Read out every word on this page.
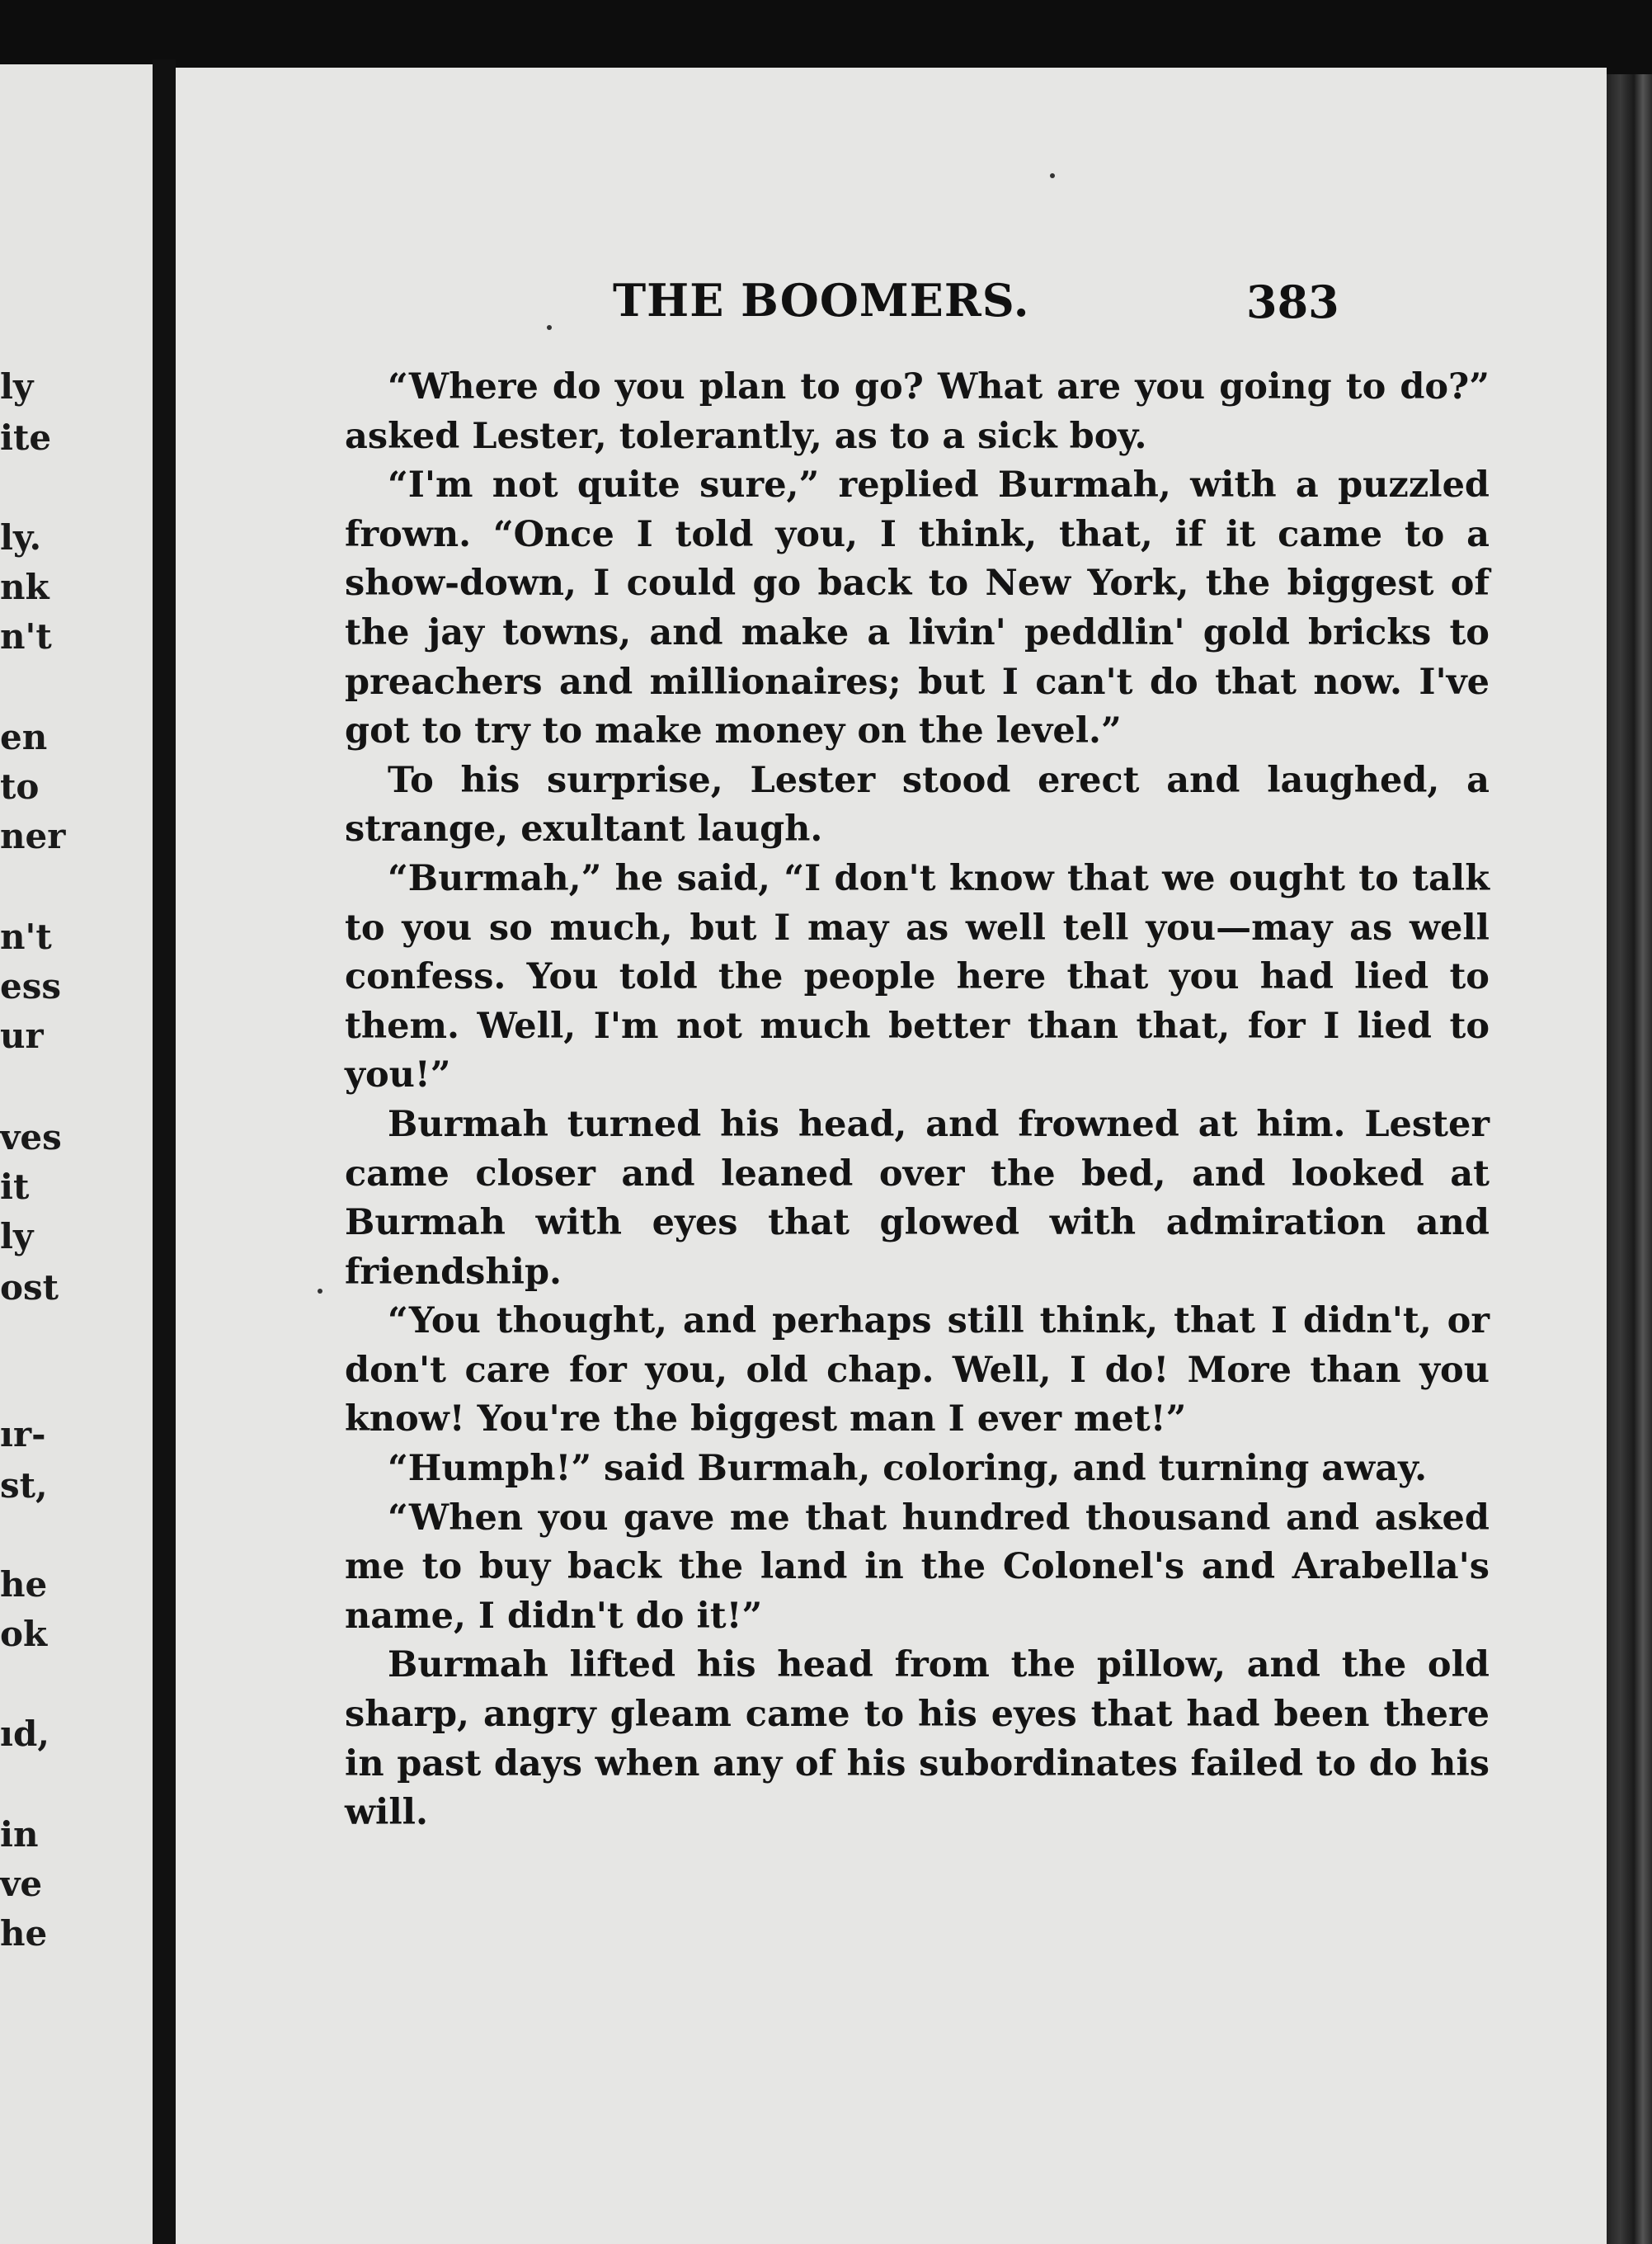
ly
ite
ly.
nk
n't
en
to
ner
n't
ess
ur
ves
it
ly
ost
ır-
st,
he
ok
ıd,
in
ve
he
THE BOOMERS.	383

“Where do you plan to go? What are you going to do?” asked Lester, tolerantly, as to a sick boy.

“I'm not quite sure,” replied Burmah, with a puzzled frown. “Once I told you, I think, that, if it came to a show-down, I could go back to New York, the biggest of the jay towns, and make a livin' peddlin' gold bricks to preachers and millionaires; but I can't do that now. I've got to try to make money on the level.”

To his surprise, Lester stood erect and laughed, a strange, exultant laugh.

“Burmah,” he said, “I don't know that we ought to talk to you so much, but I may as well tell you—may as well confess. You told the people here that you had lied to them. Well, I'm not much better than that, for I lied to you!”

Burmah turned his head, and frowned at him. Lester came closer and leaned over the bed, and looked at Burmah with eyes that glowed with admiration and friendship.

“You thought, and perhaps still think, that I didn't, or don't care for you, old chap. Well, I do! More than you know! You're the biggest man I ever met!”

“Humph!” said Burmah, coloring, and turning away.

“When you gave me that hundred thousand and asked me to buy back the land in the Colonel's and Arabella's name, I didn't do it!”

Burmah lifted his head from the pillow, and the old sharp, angry gleam came to his eyes that had been there in past days when any of his subordinates failed to do his will.
